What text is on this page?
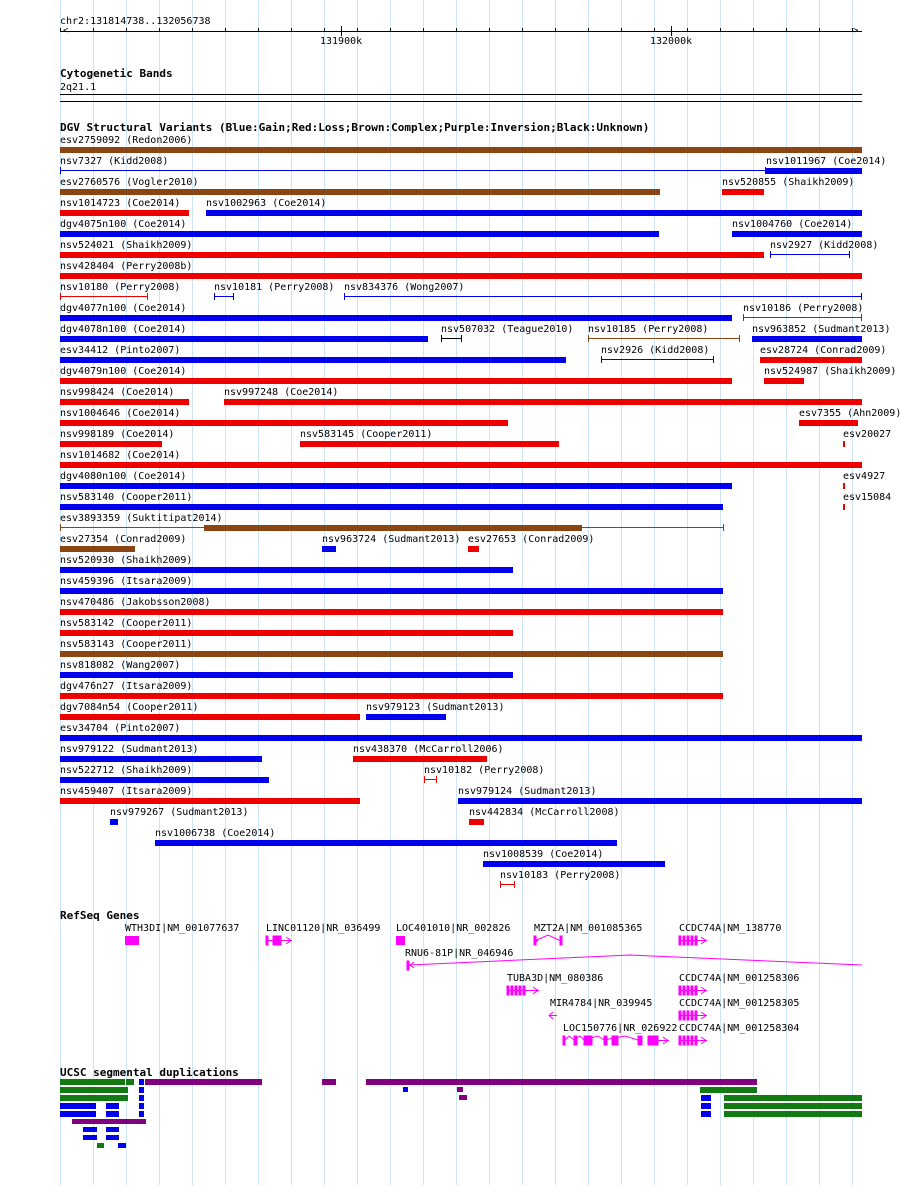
chr2:131814738..132056738
<	>
131900k	132000k
Cytogenetic Bands
2q21.1
DGV Structural Variants (Blue:Gain;Red:Loss;Brown:Complex;Purple:Inversion;Black:Unknown)
esv2759092 (Redon2006)
nsv7327 (Kidd2008)	nsv1011967 (Coe2014)
esv2760576 (Vogler2010)	nsv520855 (Shaikh2009)
nsv1014723 (Coe2014)	nsv1002963 (Coe2014)
dgv4075n100 (Coe2014)	nsv1004760 (Coe2014)
nsv524021 (Shaikh2009)	nsv2927 (Kidd2008)
nsv428404 (Perry2008b)
nsv10180 (Perry2008)	nsv10181 (Perry2008) nsv834376 (Wong2007)
dgv4077n100 (Coe2014)	nsv10186 (Perry2008)
dgv4078n100 (Coe2014)	nsv507032 (Teague2010) nsv10185 (Perry2008)	nsv963852 (Sudmant2013)
esv34412 (Pinto2007)	nsv2926 (Kidd2008)	esv28724 (Conrad2009)
dgv4079n100 (Coe2014)	nsv524987 (Shaikh2009)
nsv998424 (Coe2014)	nsv997248 (Coe2014)
nsv1004646 (Coe2014)	esv7355 (Ahn2009)
nsv998189 (Coe2014)	nsv583145 (Cooper2011)	esv20027
nsv1014682 (Coe2014)
dgv4080n100 (Coe2014)	esv4927
nsv583140 (Cooper2011)	esv15084
esv3893359 (Suktitipat2014)
esv27354 (Conrad2009)	nsv963724 (Sudmant2013) esv27653 (Conrad2009)
nsv520930 (Shaikh2009)
nsv459396 (Itsara2009)
nsv470486 (Jakobsson2008)
nsv583142 (Cooper2011)
nsv583143 (Cooper2011)
nsv818082 (Wang2007)
dgv476n27 (Itsara2009)
dgv7084n54 (Cooper2011)	nsv979123 (Sudmant2013)
esv34704 (Pinto2007)
nsv979122 (Sudmant2013)	nsv438370 (McCarroll2006)
nsv522712 (Shaikh2009)	nsv10182 (Perry2008)
nsv459407 (Itsara2009)	nsv979124 (Sudmant2013)
nsv979267 (Sudmant2013)	nsv442834 (McCarroll2008)
nsv1006738 (Coe2014)
nsv1008539 (Coe2014)
nsv10183 (Perry2008)
RefSeq Genes
WTH3DI|NM_001077637	LINC01120|NR_036499 LOC401010|NR_002826 MZT2A|NM_001085365	CCDC74A|NM_138770
RNU6-81P|NR_046946
TUBA3D|NM_080386	CCDC74A|NM_001258306
MIR4784|NR_039945	CCDC74A|NM_001258305
LOC150776|NR_026922 CCDC74A|NM_001258304
UCSC segmental duplications
